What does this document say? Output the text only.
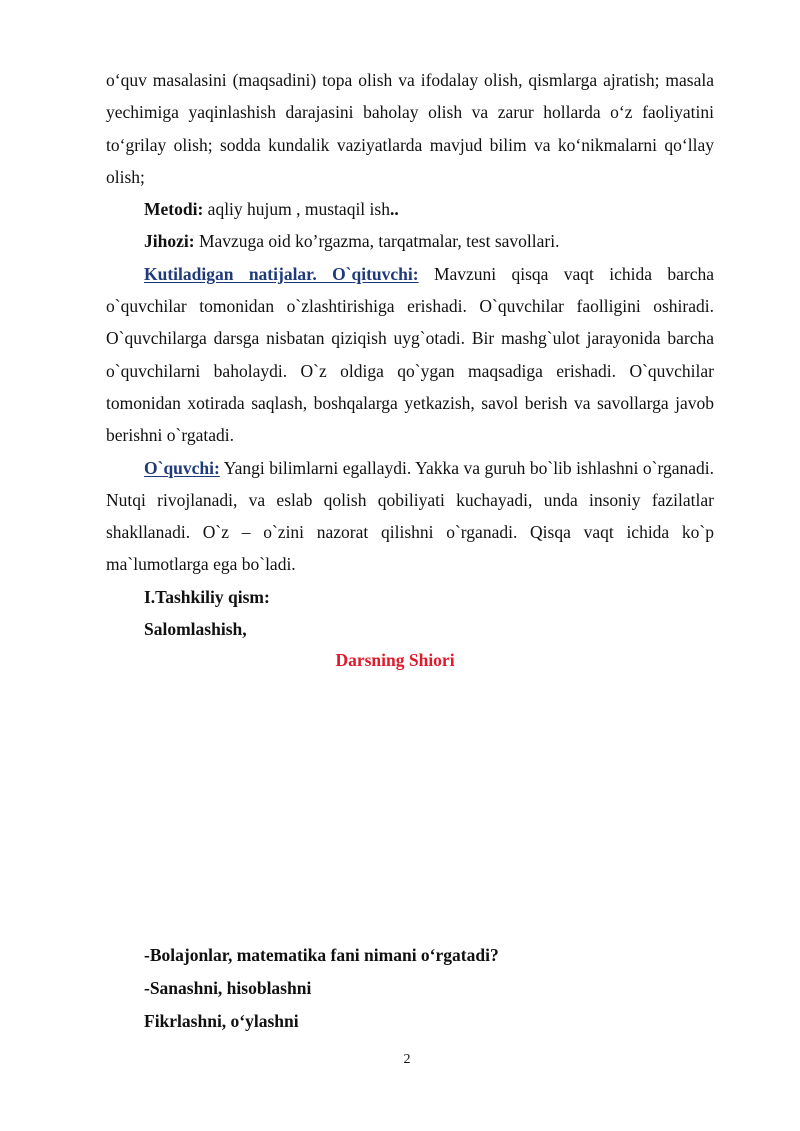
o‘quv masalasini (maqsadini) topa olish va ifodalay olish, qismlarga ajratish; masala yechimiga yaqinlashish darajasini baholay olish va zarur hollarda o‘z faoliyatini to‘grilay olish; sodda kundalik vaziyatlarda mavjud bilim va ko‘nikmalarni qo‘llay olish;

Metodi: aqliy hujum , mustaqil ish..

Jihozi: Mavzuga oid ko’rgazma, tarqatmalar, test savollari.

Kutiladigan natijalar. O`qituvchi: Mavzuni qisqa vaqt ichida barcha o`quvchilar tomonidan o`zlashtirishiga erishadi. O`quvchilar faolligini oshiradi. O`quvchilarga darsga nisbatan qiziqish uyg`otadi. Bir mashg`ulot jarayonida barcha o`quvchilarni baholaydi. O`z oldiga qo`ygan maqsadiga erishadi. O`quvchilar tomonidan xotirada saqlash, boshqalarga yetkazish, savol berish va savollarga javob berishni o`rgatadi.

O`quvchi: Yangi bilimlarni egallaydi. Yakka va guruh bo`lib ishlashni o`rganadi. Nutqi rivojlanadi, va eslab qolish qobiliyati kuchayadi, unda insoniy fazilatlar shakllanadi. O`z – o`zini nazorat qilishni o`rganadi. Qisqa vaqt ichida ko`p ma`lumotlarga ega bo`ladi.

I.Tashkiliy qism:

Salomlashish,

Darsning Shiori
-Bolajonlar, matematika fani nimani o‘rgatadi?
-Sanashni, hisoblashni
Fikrlashni, o‘ylashni
2
